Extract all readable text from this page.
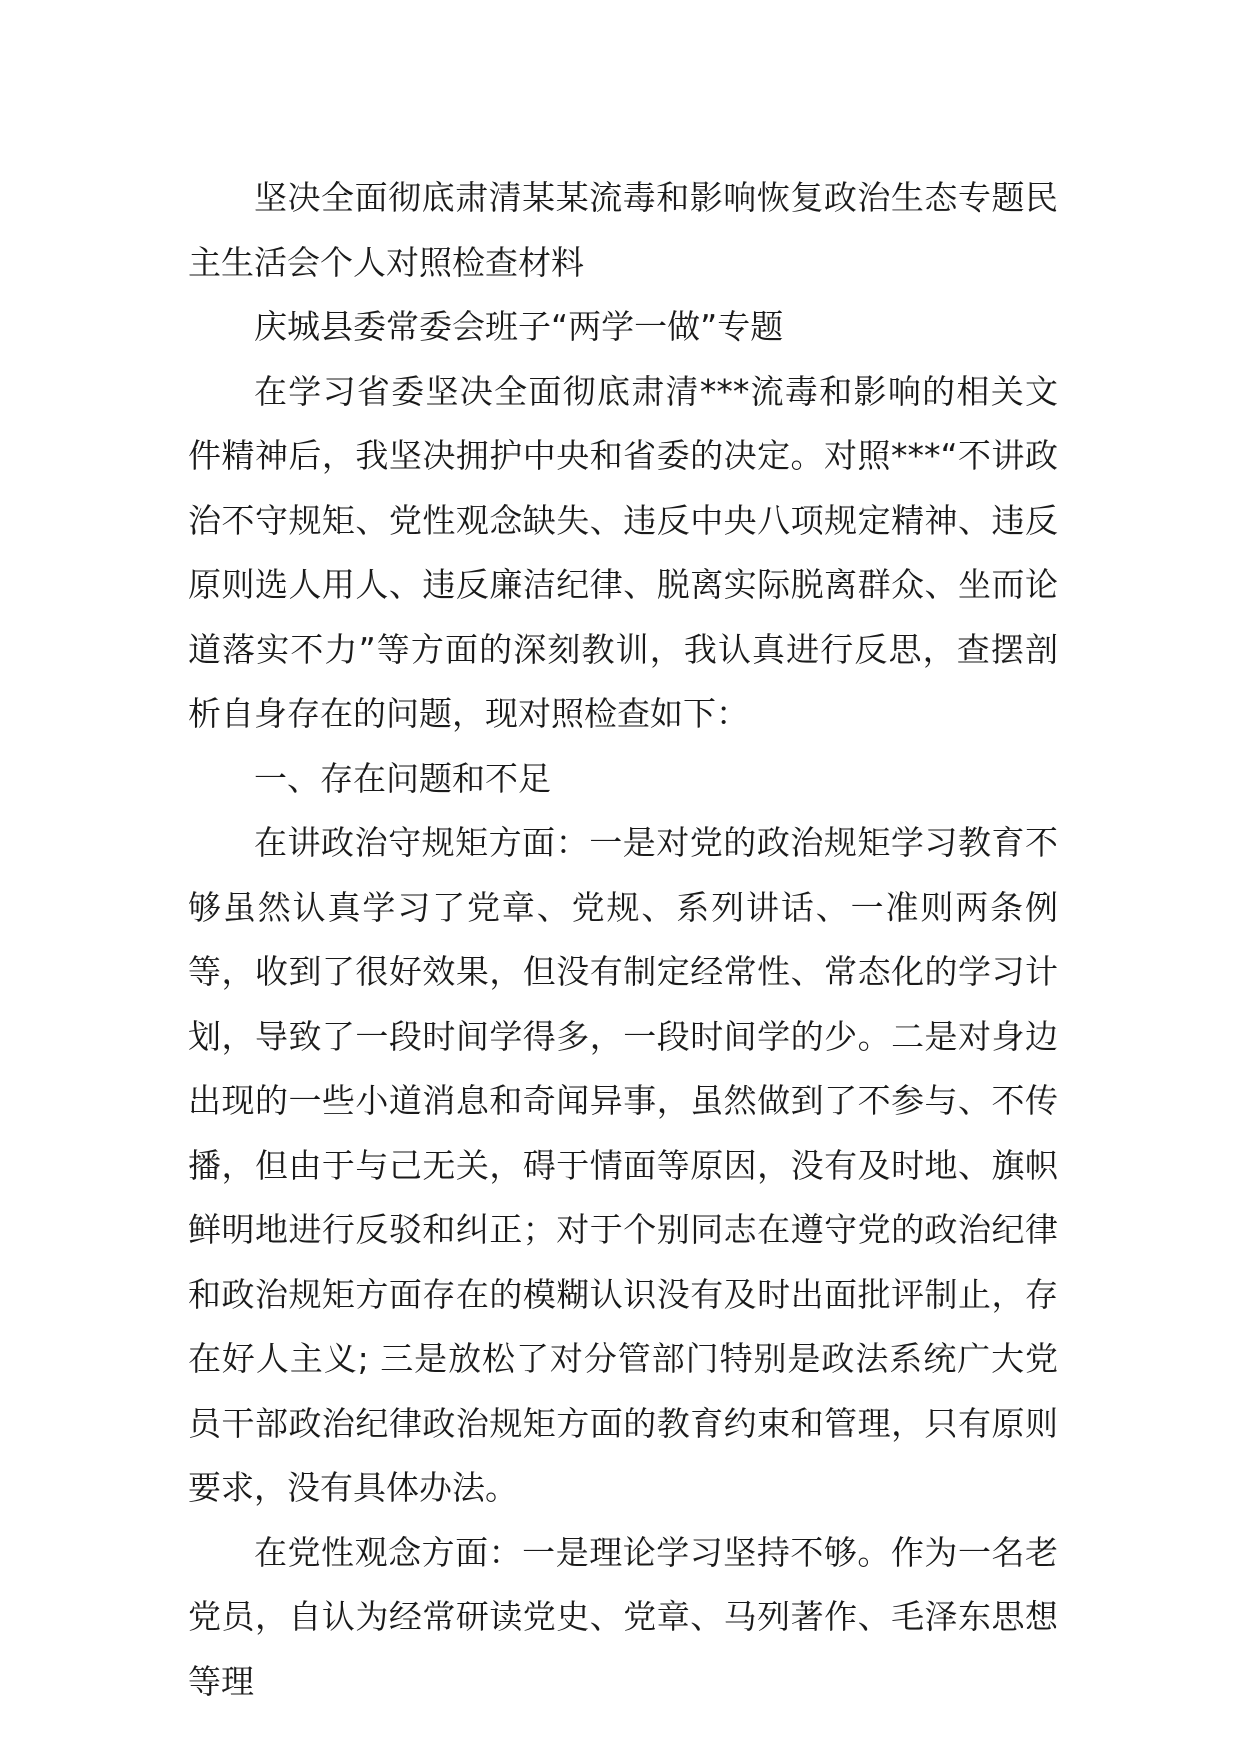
坚决全面彻底肃清某某流毒和影响恢复政治生态专题民主生活会个人对照检查材料

庆城县委常委会班子“两学一做”专题

在学习省委坚决全面彻底肃清***流毒和影响的相关文件精神后，我坚决拥护中央和省委的决定。对照***“不讲政治不守规矩、党性观念缺失、违反中央八项规定精神、违反原则选人用人、违反廉洁纪律、脱离实际脱离群众、坐而论道落实不力”等方面的深刻教训，我认真进行反思，查摆剖析自身存在的问题，现对照检查如下：

一、存在问题和不足

在讲政治守规矩方面：一是对党的政治规矩学习教育不够虽然认真学习了党章、党规、系列讲话、一准则两条例等，收到了很好效果，但没有制定经常性、常态化的学习计划，导致了一段时间学得多，一段时间学的少。二是对身边出现的一些小道消息和奇闻异事，虽然做到了不参与、不传播，但由于与己无关，碍于情面等原因，没有及时地、旗帜鲜明地进行反驳和纠正；对于个别同志在遵守党的政治纪律和政治规矩方面存在的模糊认识没有及时出面批评制止，存在好人主义; 三是放松了对分管部门特别是政法系统广大党员干部政治纪律政治规矩方面的教育约束和管理，只有原则要求，没有具体办法。

在党性观念方面：一是理论学习坚持不够。作为一名老党员，自认为经常研读党史、党章、马列著作、毛泽东思想等理
